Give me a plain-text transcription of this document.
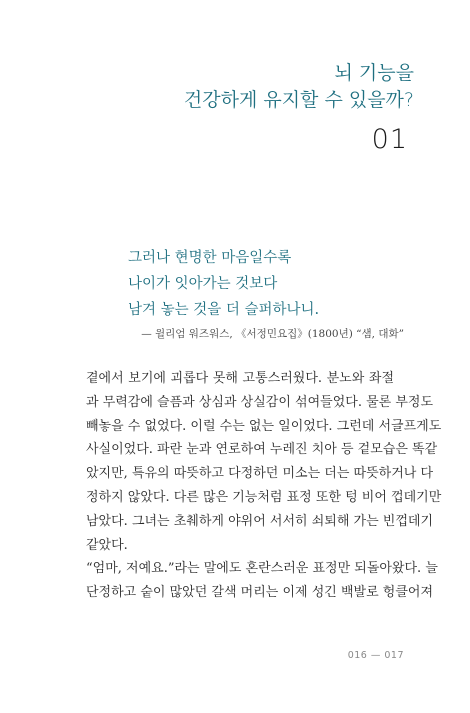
뇌 기능을
건강하게 유지할 수 있을까?
01
그러나 현명한 마음일수록
나이가 잇아가는 것보다
남겨 놓는 것을 더 슬퍼하나니.
— 윌리엄 워즈워스, 《서정민요집》(1800년) “샘, 대화”
곁에서 보기에 괴롭다 못해 고통스러웠다. 분노와 좌절
과 무력감에 슬픔과 상심과 상실감이 섞여들었다. 물론 부정도
빼놓을 수 없었다. 이럴 수는 없는 일이었다. 그런데 서글프게도
사실이었다. 파란 눈과 연로하여 누레진 치아 등 겉모습은 똑같
았지만, 특유의 따뜻하고 다정하던 미소는 더는 따뜻하거나 다
정하지 않았다. 다른 많은 기능처럼 표정 또한 텅 비어 껍데기만
남았다. 그녀는 초췌하게 야위어 서서히 쇠퇴해 가는 빈껍데기
같았다.
“엄마, 저예요.”라는 말에도 혼란스러운 표정만 되돌아왔다. 늘
단정하고 숱이 많았던 갈색 머리는 이제 성긴 백발로 헝클어져
016 — 017
